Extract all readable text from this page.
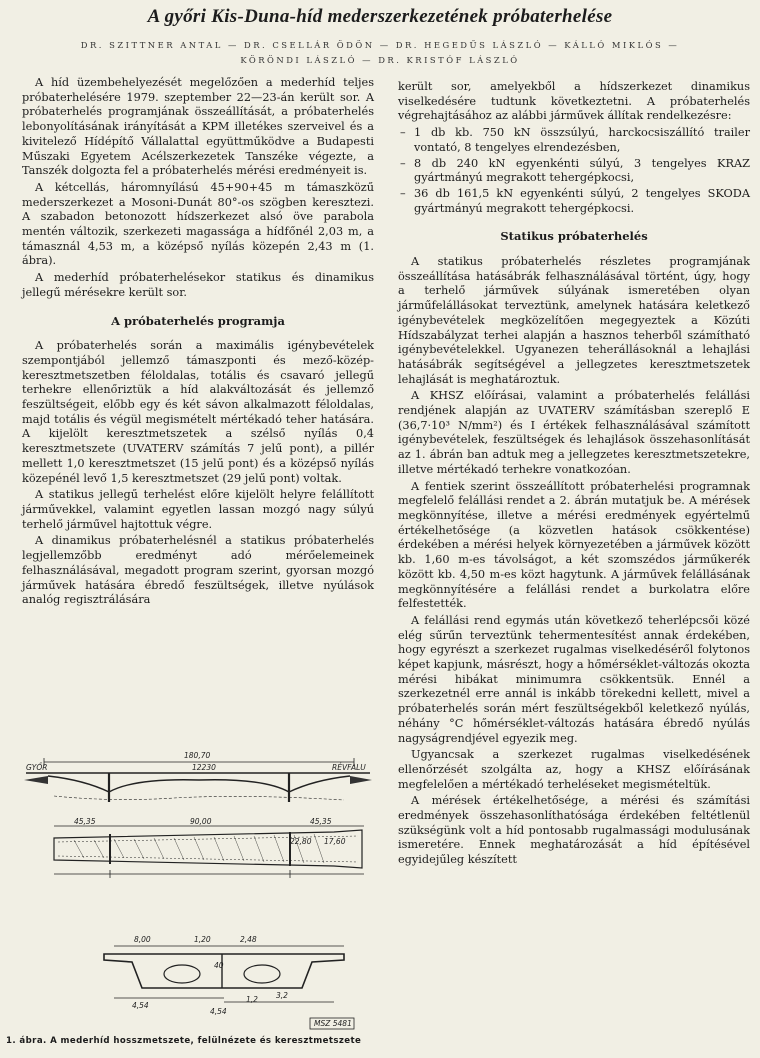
A győri Kis-Duna-híd mederszerkezetének próbaterhelése
DR. SZITTNER ANTAL — DR. CSELLÁR ÖDÖN — DR. HEGEDŰS LÁSZLÓ — KÁLLÓ MIKLÓS —
KÖRÖNDI LÁSZLÓ — DR. KRISTÓF LÁSZLÓ

A híd üzembehelyezését megelőzően a mederhíd teljes próbaterhelésére 1979. szeptember 22—23-án került sor. A próbaterhelés programjának összeállítását, a próbaterhelés lebonyolításának irányítását a KPM illetékes szerveivel és a kivitelező Hídépítő Vállalattal együttműködve a Budapesti Műszaki Egyetem Acélszerkezetek Tanszéke végezte, a Tanszék dolgozta fel a próbaterhelés mérési eredményeit is.

A kétcellás, háromnyílású 45+90+45 m támaszközű mederszerkezet a Mosoni-Dunát 80°-os szögben keresztezi. A szabadon betonozott hídszerkezet alsó öve parabola mentén változik, szerkezeti magassága a hídfőnél 2,03 m, a támasznál 4,53 m, a középső nyílás közepén 2,43 m (1. ábra).

A mederhíd próbaterhelésekor statikus és dinamikus jellegű mérésekre került sor.

A próbaterhelés programja

A próbaterhelés során a maximális igénybevételek szempontjából jellemző támaszponti és mező-közép-keresztmetszetben féloldalas, totális és csavaró jellegű terhekre ellenőriztük a híd alakváltozását és jellemző feszültségeit, előbb egy és két sávon alkalmazott féloldalas, majd totális és végül megismételt mértékadó teher hatására. A kijelölt keresztmetszetek a szélső nyílás 0,4 keresztmetszete (UVATERV számítás 7 jelű pont), a pillér mellett 1,0 keresztmetszet (15 jelű pont) és a középső nyílás közepénél levő 1,5 keresztmetszet (29 jelű pont) voltak.

A statikus jellegű terhelést előre kijelölt helyre felállított járművekkel, valamint egyetlen lassan mozgó nagy súlyú terhelő járművel hajtottuk végre.

A dinamikus próbaterhelésnél a statikus próbaterhelés legjellemzőbb eredményt adó mérőelemeinek felhasználásával, megadott program szerint, gyorsan mozgó járművek hatására ébredő feszültségek, illetve nyúlások analóg regisztrálására

került sor, amelyekből a hídszerkezet dinamikus viselkedésére tudtunk következtetni. A próbaterhelés végrehajtásához az alábbi járművek állítak rendelkezésre:

– 1 db kb. 750 kN összsúlyú, harckocsiszállító trailer vontató, 8 tengelyes elrendezésben,
– 8 db 240 kN egyenkénti súlyú, 3 tengelyes KRAZ gyártmányú megrakott tehergépkocsi,
– 36 db 161,5 kN egyenkénti súlyú, 2 tengelyes SKODA gyártmányú megrakott tehergépkocsi.
Statikus próbaterhelés

A statikus próbaterhelés részletes programjának összeállítása hatásábrák felhasználásával történt, úgy, hogy a terhelő járművek súlyának ismeretében olyan járműfelállásokat terveztünk, amelynek hatására keletkező igénybevételek megközelítően megegyeztek a Közúti Hídszabályzat terhei alapján a hasznos teherből számítható igénybevételekkel. Ugyanezen teherállásoknál a lehajlási hatásábrák segítségével a jellegzetes keresztmetszetek lehajlását is meghatároztuk.

A KHSZ előírásai, valamint a próbaterhelés felállási rendjének alapján az UVATERV számításban szereplő E (36,7·10³ N/mm²) és I értékek felhasználásával számított igénybevételek, feszültségek és lehajlások összehasonlítását az 1. ábrán ban adtuk meg a jellegzetes keresztmetszetekre, illetve mértékadó terhekre vonatkozóan.

A fentiek szerint összeállított próbaterhelési programnak megfelelő felállási rendet a 2. ábrán mutatjuk be. A mérések megkönnyítése, illetve a mérési eredmények egyértelmű értékelhetősége (a közvetlen hatások csökkentése) érdekében a mérési helyek környezetében a járművek között kb. 1,60 m-es távolságot, a két szomszédos járműkerék között kb. 4,50 m-es közt hagytunk. A járművek felállásának megkönnyítésére a felállási rendet a burkolatra előre felfestették.

A felállási rend egymás után következő teherlépcsői közé elég sűrűn terveztünk tehermentesítést annak érdekében, hogy egyrészt a szerkezet rugalmas viselkedéséről folytonos képet kapjunk, másrészt, hogy a hőmérséklet-változás okozta mérési hibákat minimumra csökkentsük. Ennél a szerkezetnél erre annál is inkább törekedni kellett, mivel a próbaterhelés során mért feszültségekből keletkező nyúlás, néhány °C hőmérséklet-változás hatására ébredő nyúlás nagyságrendjével egyezik meg.

Ugyancsak a szerkezet rugalmas viselkedésének ellenőrzését szolgálta az, hogy a KHSZ előírásának megfelelően a mértékadó terheléseket megismételtük.

A mérések értékelhetősége, a mérési és számítási eredmények összehasonlíthatósága érdekében feltétlenül szükségünk volt a híd pontosabb rugalmassági modulusának ismeretére. Ennek meghatározását a híd építésével egyidejűleg készített

180,70
12230
GYŐR	RÉVFALU
45,35	90,00	45,35
22,80 17,60
8,00	1,20	2,48
4,54
4,54
40
1,2 3,2
MSZ 5481
1. ábra. A mederhíd hosszmetszete, felülnézete és keresztmetszete
